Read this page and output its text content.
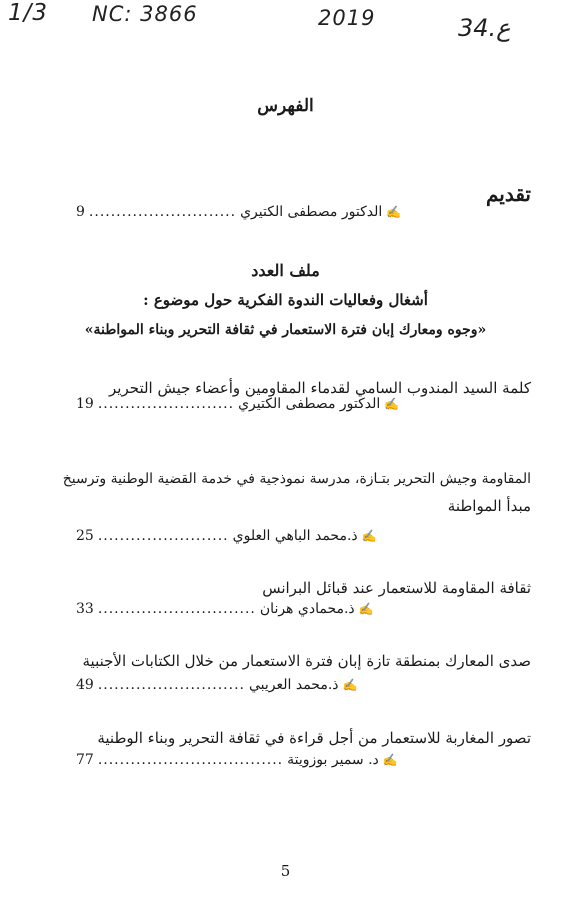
1/3 NC: 3866	2019	34.ع
الفهرس
تقديم
9 ........................... الدكتور مصطفى الكتيري ✍
ملف العدد
أشغال وفعاليات الندوة الفكرية حول موضوع :
«وجوه ومعارك إبان فترة الاستعمار في ثقافة التحرير وبناء المواطنة»
كلمة السيد المندوب السامي لقدماء المقاومين وأعضاء جيش التحرير
19 ......................... الدكتور مصطفى الكتيري ✍
المقاومة وجيش التحرير بتـازة، مدرسة نموذجية في خدمة القضية الوطنية وترسيخ
مبدأ المواطنة
25 ........................ ذ.محمد الباهي العلوي ✍
ثقافة المقاومة للاستعمار عند قبائل البرانس
33 ............................. ذ.محمادي هرنان ✍
صدى المعارك بمنطقة تازة إبان فترة الاستعمار من خلال الكتابات الأجنبية
49 ........................... ذ.محمد العريبي ✍
تصور المغاربة للاستعمار من أجل قراءة في ثقافة التحرير وبناء الوطنية
77 .................................. د. سمير بوزويتة ✍
5
